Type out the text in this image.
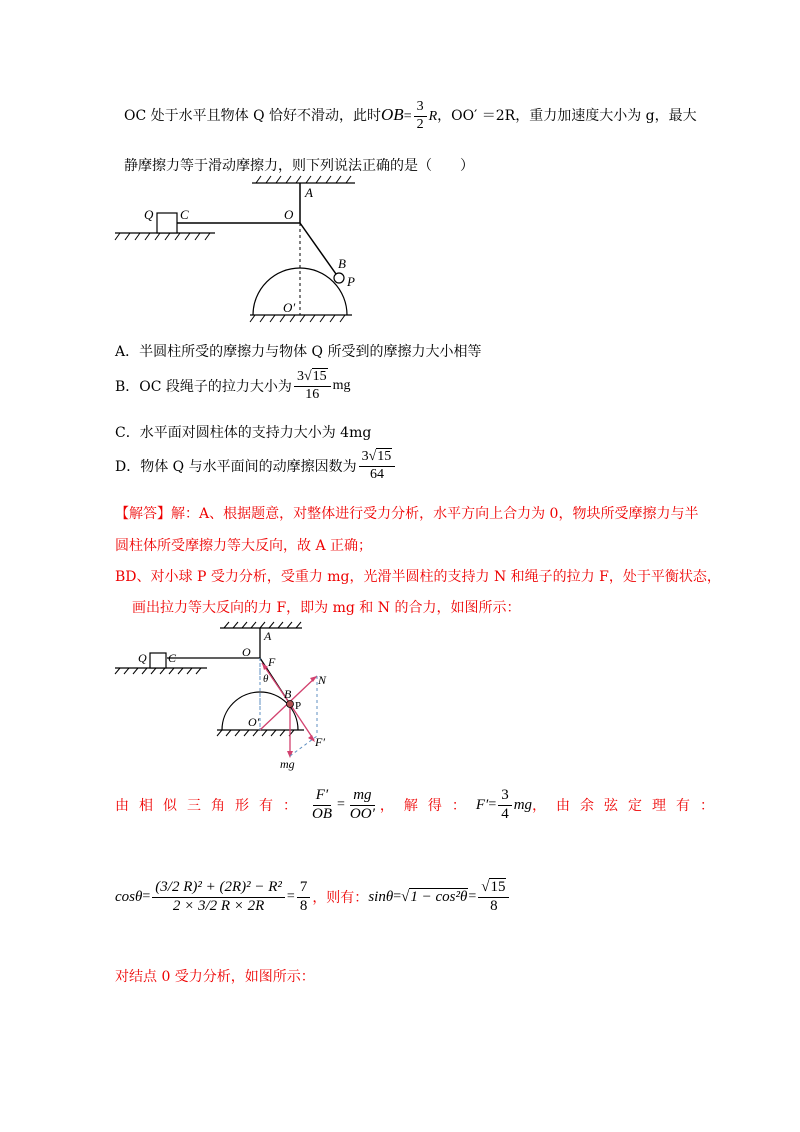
OC 处于水平且物体 Q 恰好不滑动，此时$OB= \frac{3}{2}$ R，OO′ ＝2R，重力加速度大小为 g，最大
静摩擦力等于滑动摩擦力，则下列说法正确的是（　　）
A
O
Q C
B
P
O′
A．半圆柱所受的摩擦力与物体 Q 所受到的摩擦力大小相等
B．OC 段绳子的拉力大小为 $\frac{3√15}{16}$ mg
C．水平面对圆柱体的支持力大小为 4mg
D．物体 Q 与水平面间的动摩擦因数为 $\frac{3√15}{64}$
【解答】解：A、根据题意，对整体进行受力分析，水平方向上合力为 0，物块所受摩擦力与半
圆柱体所受摩擦力等大反向，故 A 正确；
BD、对小球 P 受力分析，受重力 mg，光滑半圆柱的支持力 N 和绳子的拉力 F，处于平衡状态，
画出拉力等大反向的力 F，即为 mg 和 N 的合力，如图所示：
O
A
Q C	F
θ
B
P
N
O′
F′
mg
由相似三角形有： $\frac{F'}{OB} = \frac{mg}{OO'}$ ，解得： $F' = \frac{3}{4}$ mg ，由余弦定理有：
$\cos\theta = \frac{\text{(3/2 R)² + (2R)² − R²}}{2 \times 3/2 R \times 2R} = \frac{7}{8}$ ，则有： $\sin\theta = √1 - \cos^2\theta = \frac{√15}{8}$
对结点 0 受力分析，如图所示：
